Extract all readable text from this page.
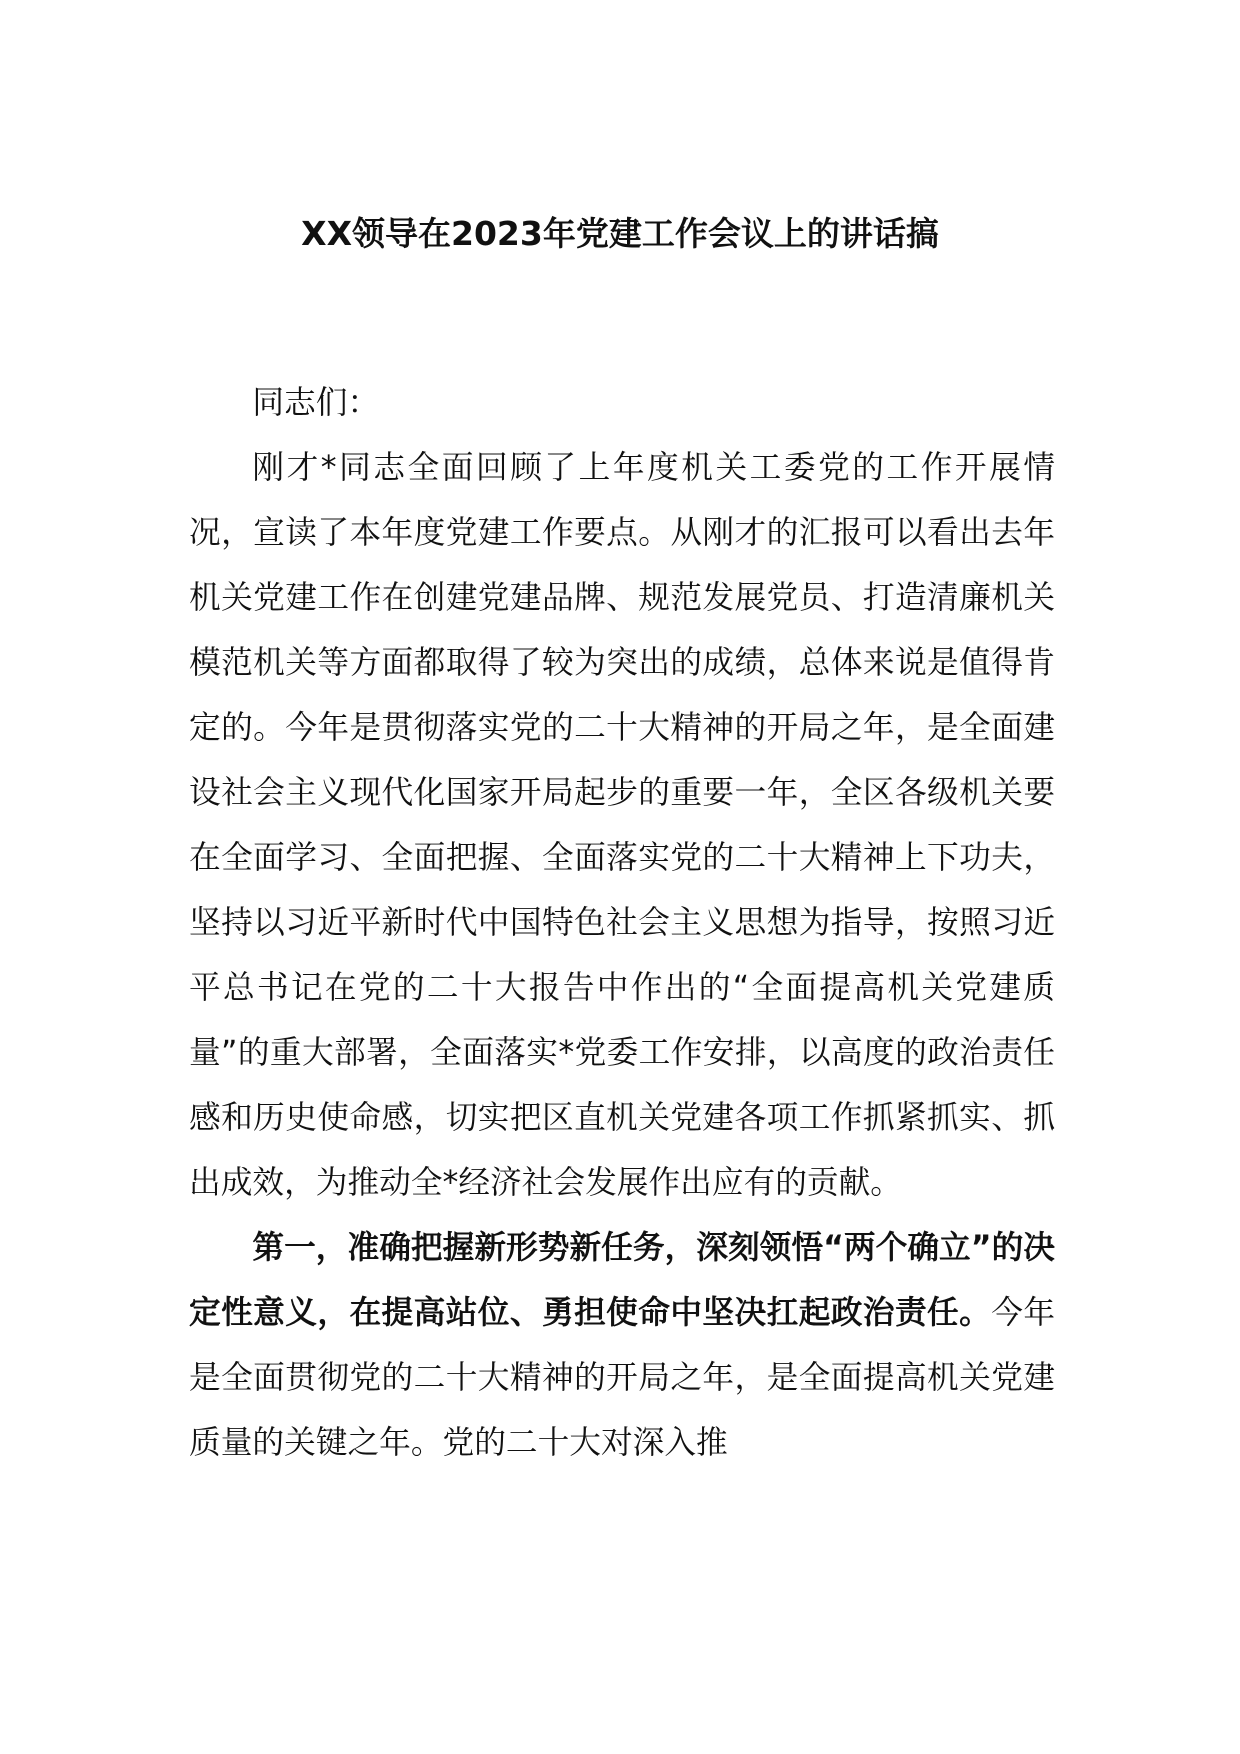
XX领导在2023年党建工作会议上的讲话搞

同志们：

刚才*同志全面回顾了上年度机关工委党的工作开展情况，宣读了本年度党建工作要点。从刚才的汇报可以看出去年机关党建工作在创建党建品牌、规范发展党员、打造清廉机关模范机关等方面都取得了较为突出的成绩，总体来说是值得肯定的。今年是贯彻落实党的二十大精神的开局之年，是全面建设社会主义现代化国家开局起步的重要一年，全区各级机关要在全面学习、全面把握、全面落实党的二十大精神上下功夫，坚持以习近平新时代中国特色社会主义思想为指导，按照习近平总书记在党的二十大报告中作出的“全面提高机关党建质量”的重大部署，全面落实*党委工作安排，以高度的政治责任感和历史使命感，切实把区直机关党建各项工作抓紧抓实、抓出成效，为推动全*经济社会发展作出应有的贡献。

第一，准确把握新形势新任务，深刻领悟“两个确立”的决定性意义，在提高站位、勇担使命中坚决扛起政治责任。今年是全面贯彻党的二十大精神的开局之年，是全面提高机关党建质量的关键之年。党的二十大对深入推
